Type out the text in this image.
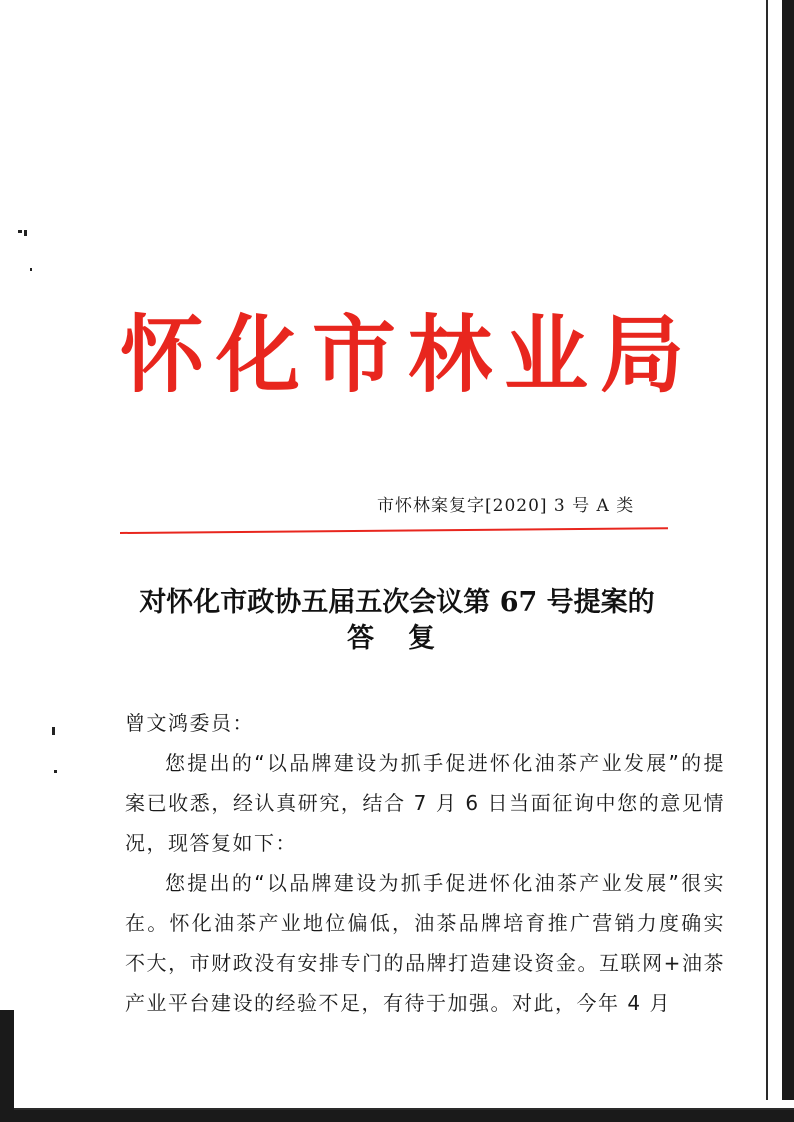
怀化市林业局
市怀林案复字[2020] 3 号 A 类
对怀化市政协五届五次会议第 67 号提案的
答复

曾文鸿委员：

您提出的“以品牌建设为抓手促进怀化油茶产业发展”的提案已收悉，经认真研究，结合 7 月 6 日当面征询中您的意见情况，现答复如下：

您提出的“以品牌建设为抓手促进怀化油茶产业发展”很实在。怀化油茶产业地位偏低，油茶品牌培育推广营销力度确实不大，市财政没有安排专门的品牌打造建设资金。互联网+油茶产业平台建设的经验不足，有待于加强。对此，今年 4 月
